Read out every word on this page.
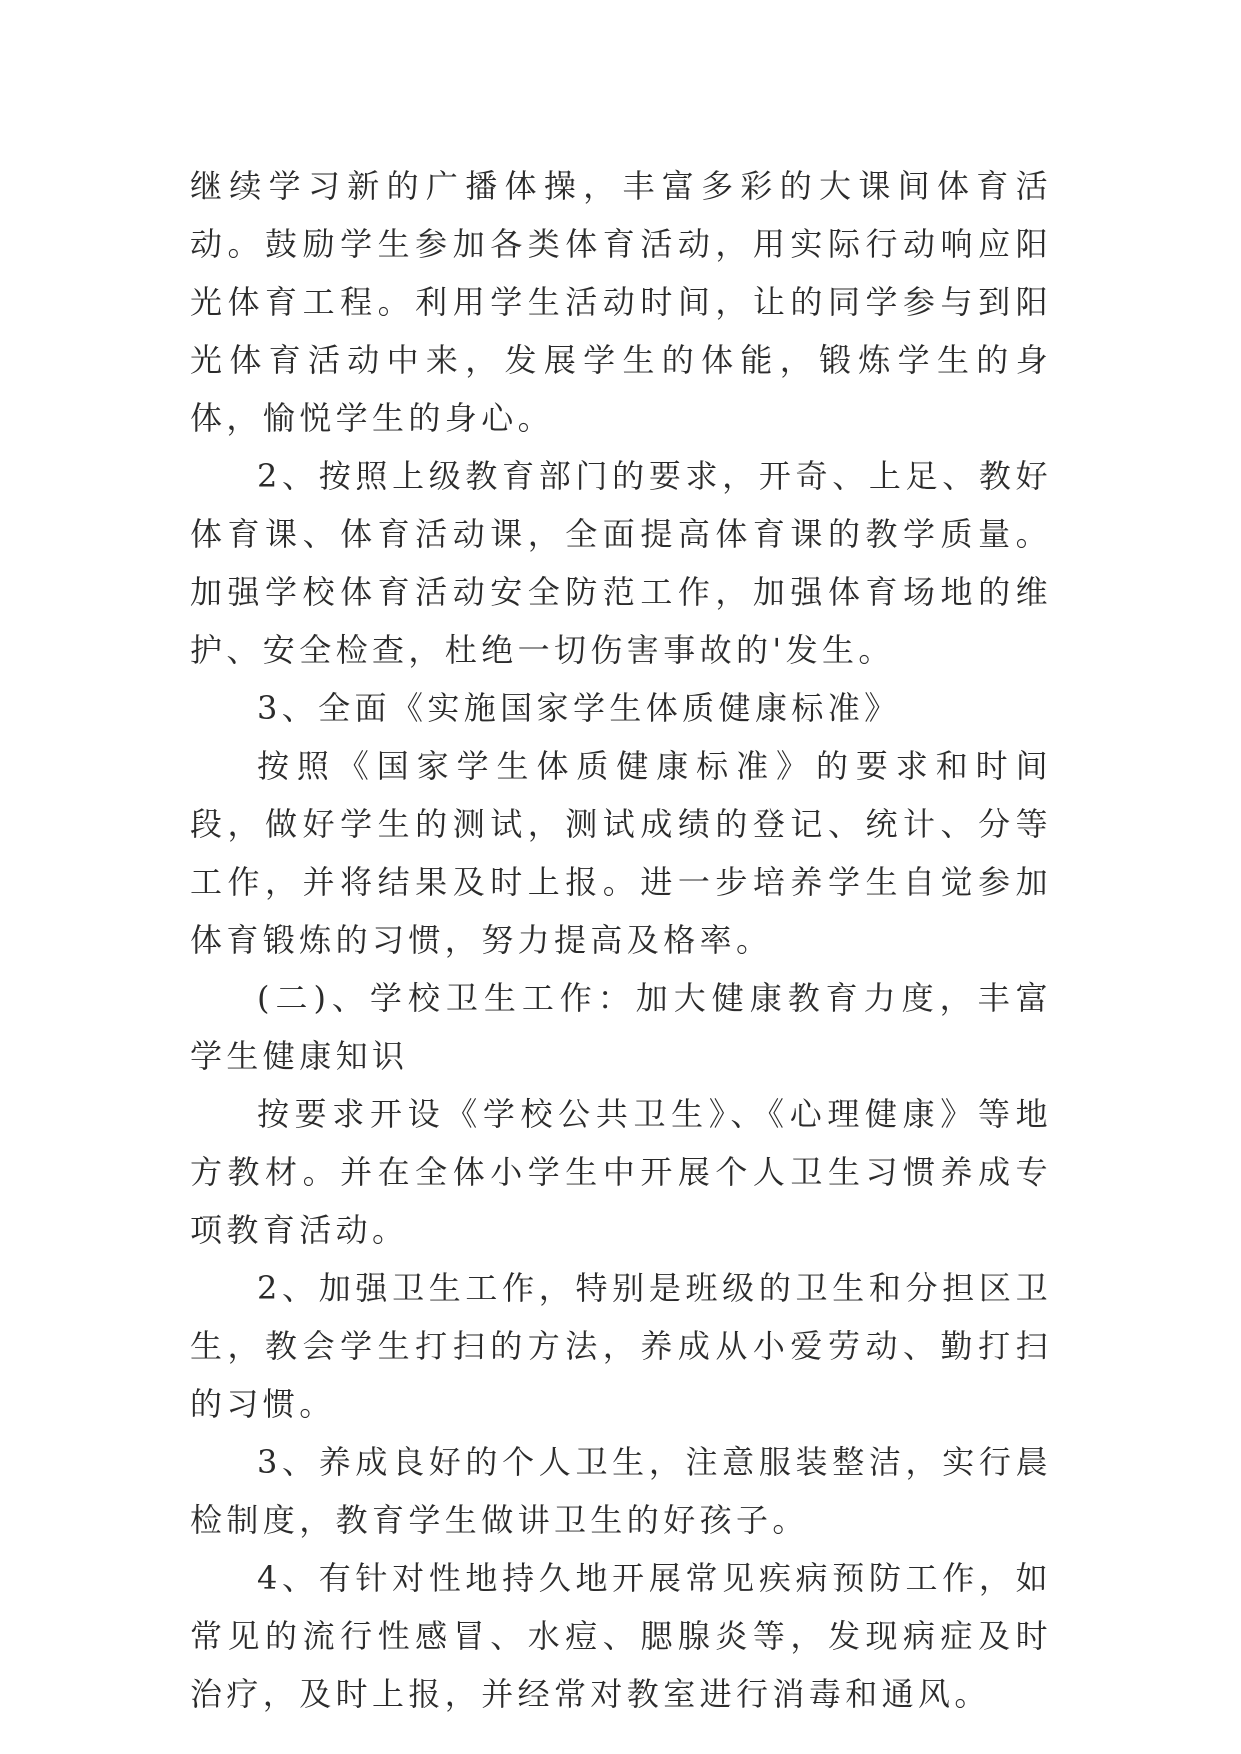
继续学习新的广播体操，丰富多彩的大课间体育活动。鼓励学生参加各类体育活动，用实际行动响应阳光体育工程。利用学生活动时间，让的同学参与到阳光体育活动中来，发展学生的体能，锻炼学生的身体，愉悦学生的身心。

2、按照上级教育部门的要求，开奇、上足、教好体育课、体育活动课，全面提高体育课的教学质量。加强学校体育活动安全防范工作，加强体育场地的维护、安全检查，杜绝一切伤害事故的'发生。

3、全面《实施国家学生体质健康标准》

按照《国家学生体质健康标准》的要求和时间段，做好学生的测试，测试成绩的登记、统计、分等工作，并将结果及时上报。进一步培养学生自觉参加体育锻炼的习惯，努力提高及格率。

(二)、学校卫生工作：加大健康教育力度，丰富学生健康知识

按要求开设《学校公共卫生》、《心理健康》等地方教材。并在全体小学生中开展个人卫生习惯养成专项教育活动。

2、加强卫生工作，特别是班级的卫生和分担区卫生，教会学生打扫的方法，养成从小爱劳动、勤打扫的习惯。

3、养成良好的个人卫生，注意服装整洁，实行晨检制度，教育学生做讲卫生的好孩子。

4、有针对性地持久地开展常见疾病预防工作，如常见的流行性感冒、水痘、腮腺炎等，发现病症及时治疗，及时上报，并经常对教室进行消毒和通风。
